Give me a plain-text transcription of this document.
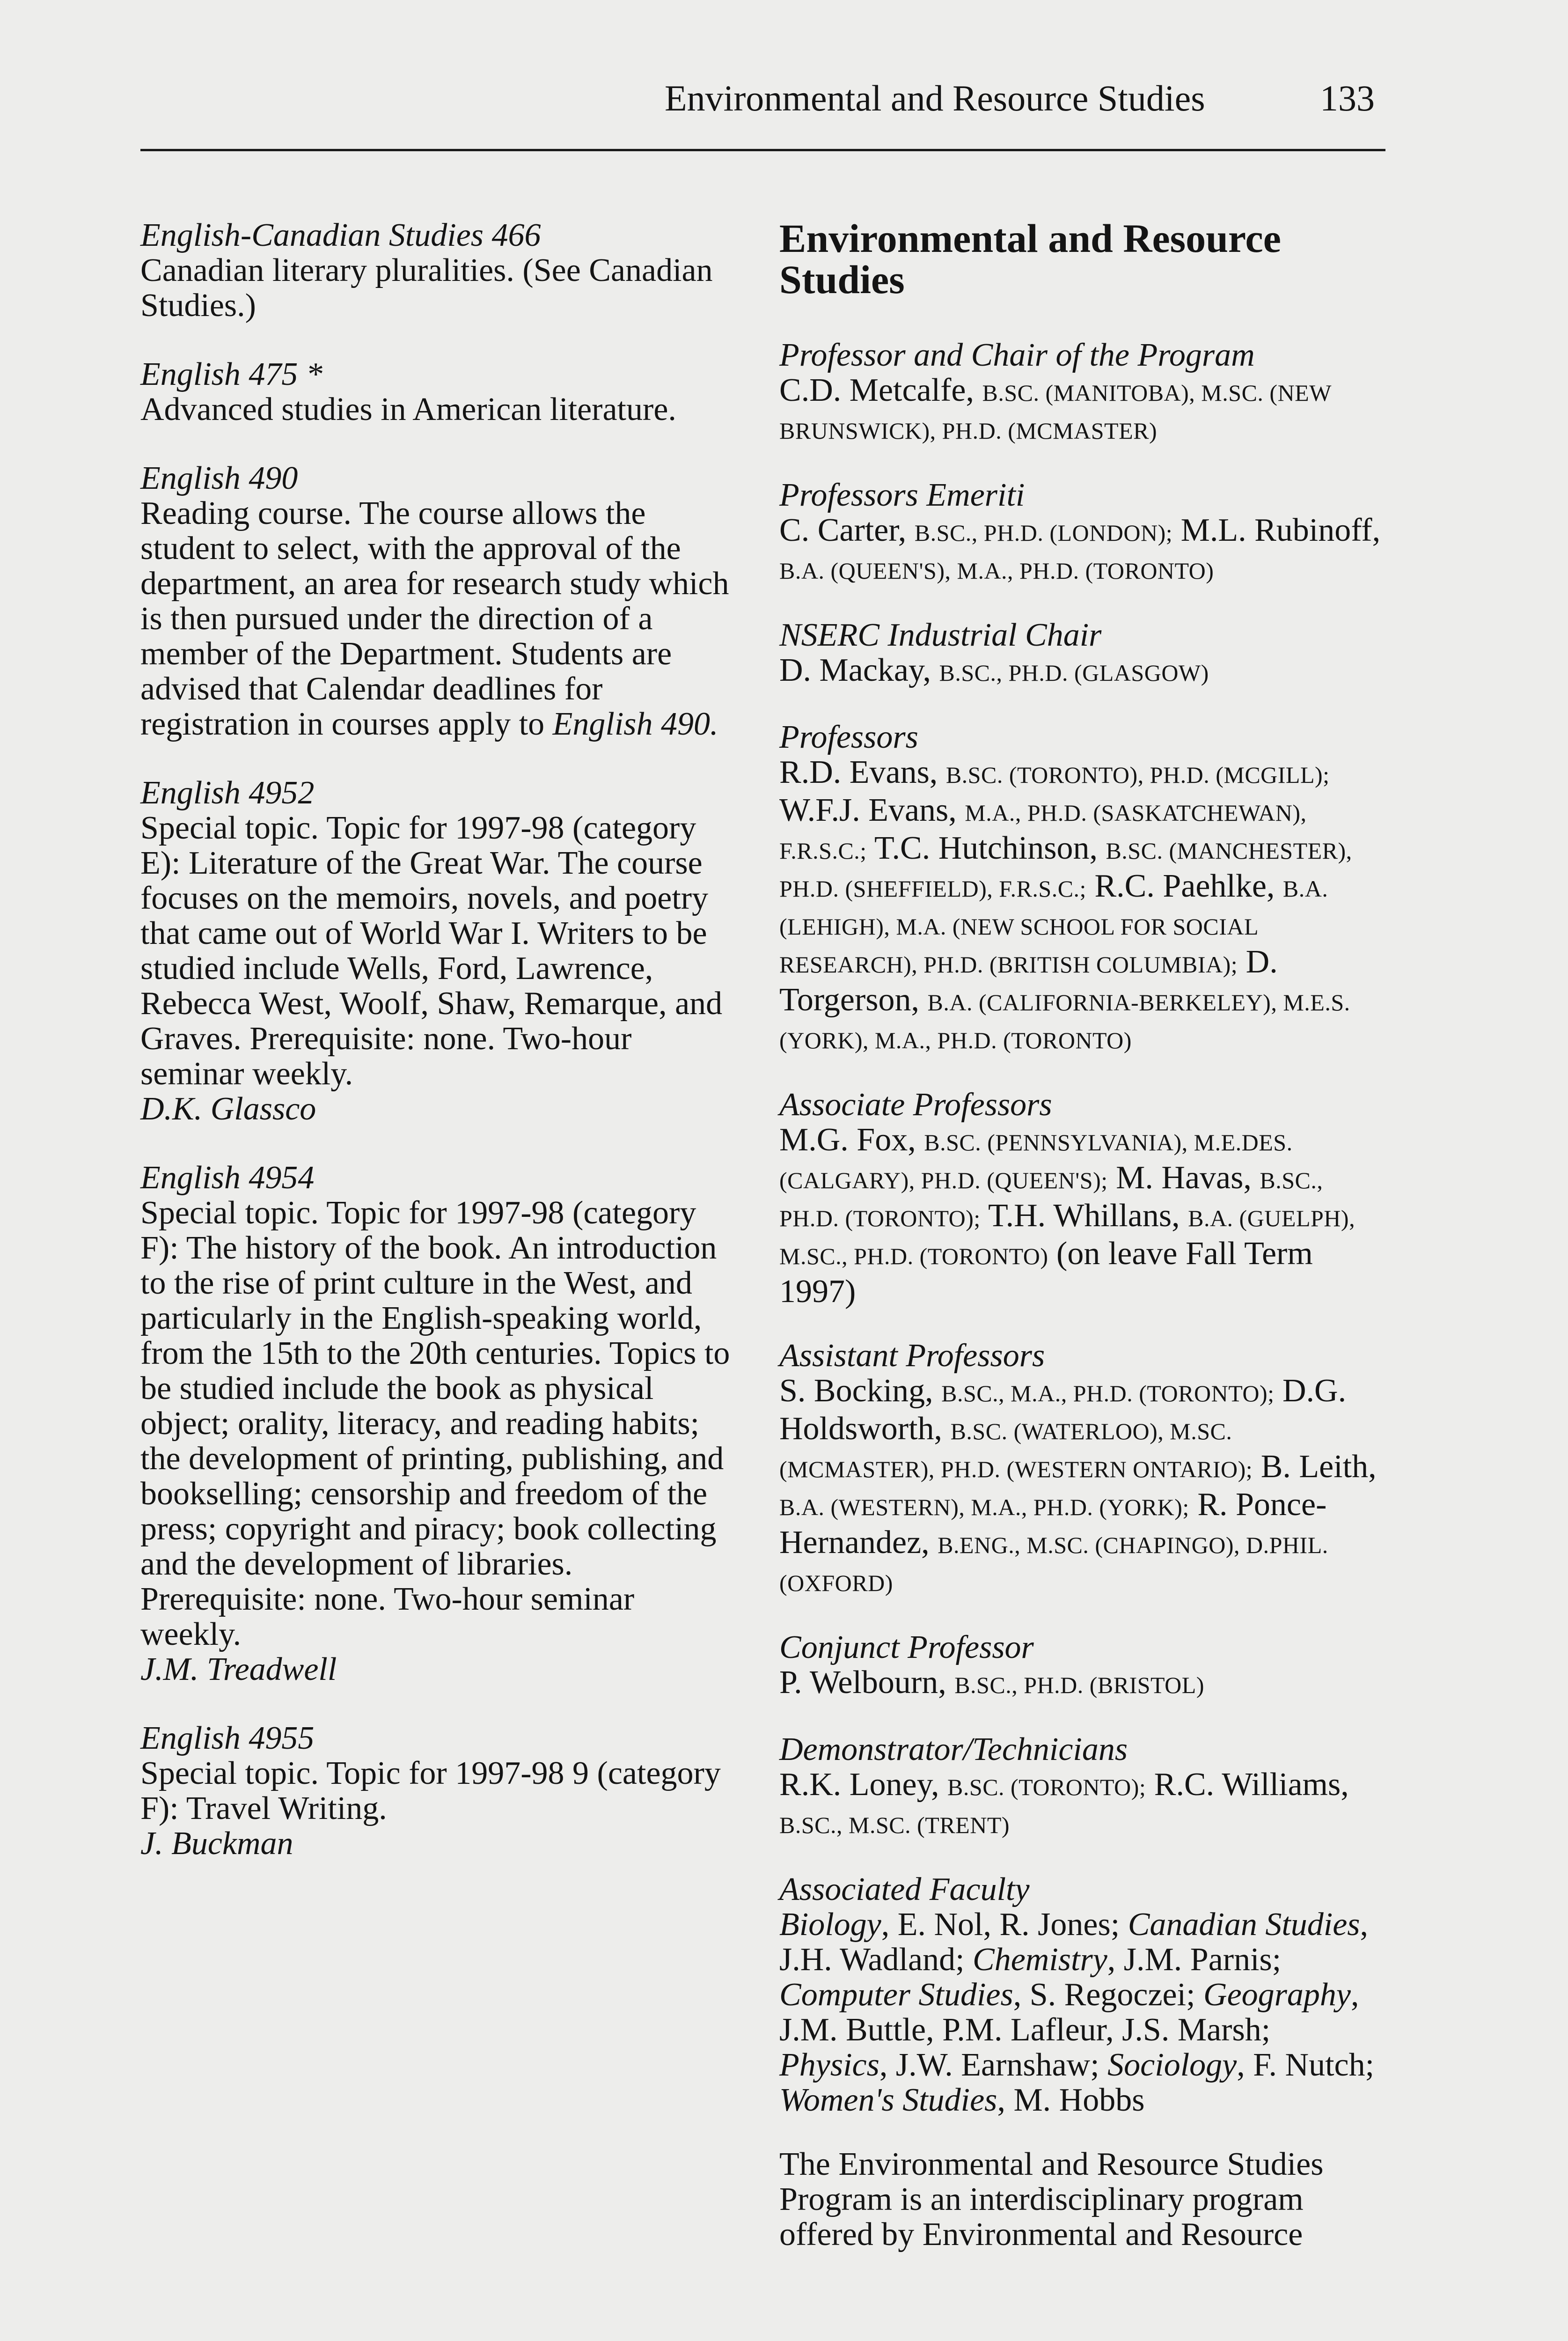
Environmental and Resource Studies	133

English-Canadian Studies 466

Canadian literary pluralities. (See Canadian Studies.)

English 475 *

Advanced studies in American literature.

English 490

Reading course. The course allows the student to select, with the approval of the department, an area for research study which is then pursued under the direction of a member of the Department. Students are advised that Calendar deadlines for registration in courses apply to English 490.

English 4952

Special topic. Topic for 1997-98 (category E): Literature of the Great War. The course focuses on the memoirs, novels, and poetry that came out of World War I. Writers to be studied include Wells, Ford, Lawrence, Rebecca West, Woolf, Shaw, Remarque, and Graves. Prerequisite: none. Two-hour seminar weekly.

D.K. Glassco

English 4954

Special topic. Topic for 1997-98 (category F): The history of the book. An introduction to the rise of print culture in the West, and particularly in the English-speaking world, from the 15th to the 20th centuries. Topics to be studied include the book as physical object; orality, literacy, and reading habits; the development of printing, publishing, and bookselling; censorship and freedom of the press; copyright and piracy; book collecting and the development of libraries. Prerequisite: none. Two-hour seminar weekly.

J.M. Treadwell

English 4955

Special topic. Topic for 1997-98 9 (category F): Travel Writing.

J. Buckman

Environmental and Resource Studies

Professor and Chair of the Program

C.D. Metcalfe, B.SC. (MANITOBA), M.SC. (NEW BRUNSWICK), PH.D. (MCMASTER)

Professors Emeriti

C. Carter, B.SC., PH.D. (LONDON); M.L. Rubinoff, B.A. (QUEEN'S), M.A., PH.D. (TORONTO)

NSERC Industrial Chair

D. Mackay, B.SC., PH.D. (GLASGOW)

Professors

R.D. Evans, B.SC. (TORONTO), PH.D. (MCGILL); W.F.J. Evans, M.A., PH.D. (SASKATCHEWAN), F.R.S.C.; T.C. Hutchinson, B.SC. (MANCHESTER), PH.D. (SHEFFIELD), F.R.S.C.; R.C. Paehlke, B.A. (LEHIGH), M.A. (NEW SCHOOL FOR SOCIAL RESEARCH), PH.D. (BRITISH COLUMBIA); D. Torgerson, B.A. (CALIFORNIA-BERKELEY), M.E.S. (YORK), M.A., PH.D. (TORONTO)

Associate Professors

M.G. Fox, B.SC. (PENNSYLVANIA), M.E.DES. (CALGARY), PH.D. (QUEEN'S); M. Havas, B.SC., PH.D. (TORONTO); T.H. Whillans, B.A. (GUELPH), M.SC., PH.D. (TORONTO) (on leave Fall Term 1997)

Assistant Professors

S. Bocking, B.SC., M.A., PH.D. (TORONTO); D.G. Holdsworth, B.SC. (WATERLOO), M.SC. (MCMASTER), PH.D. (WESTERN ONTARIO); B. Leith, B.A. (WESTERN), M.A., PH.D. (YORK); R. Ponce-Hernandez, B.ENG., M.SC. (CHAPINGO), D.PHIL. (OXFORD)

Conjunct Professor

P. Welbourn, B.SC., PH.D. (BRISTOL)

Demonstrator/Technicians

R.K. Loney, B.SC. (TORONTO); R.C. Williams, B.SC., M.SC. (TRENT)

Associated Faculty

Biology, E. Nol, R. Jones; Canadian Studies, J.H. Wadland; Chemistry, J.M. Parnis; Computer Studies, S. Regoczei; Geography, J.M. Buttle, P.M. Lafleur, J.S. Marsh; Physics, J.W. Earnshaw; Sociology, F. Nutch; Women's Studies, M. Hobbs

The Environmental and Resource Studies Program is an interdisciplinary program offered by Environmental and Resource
